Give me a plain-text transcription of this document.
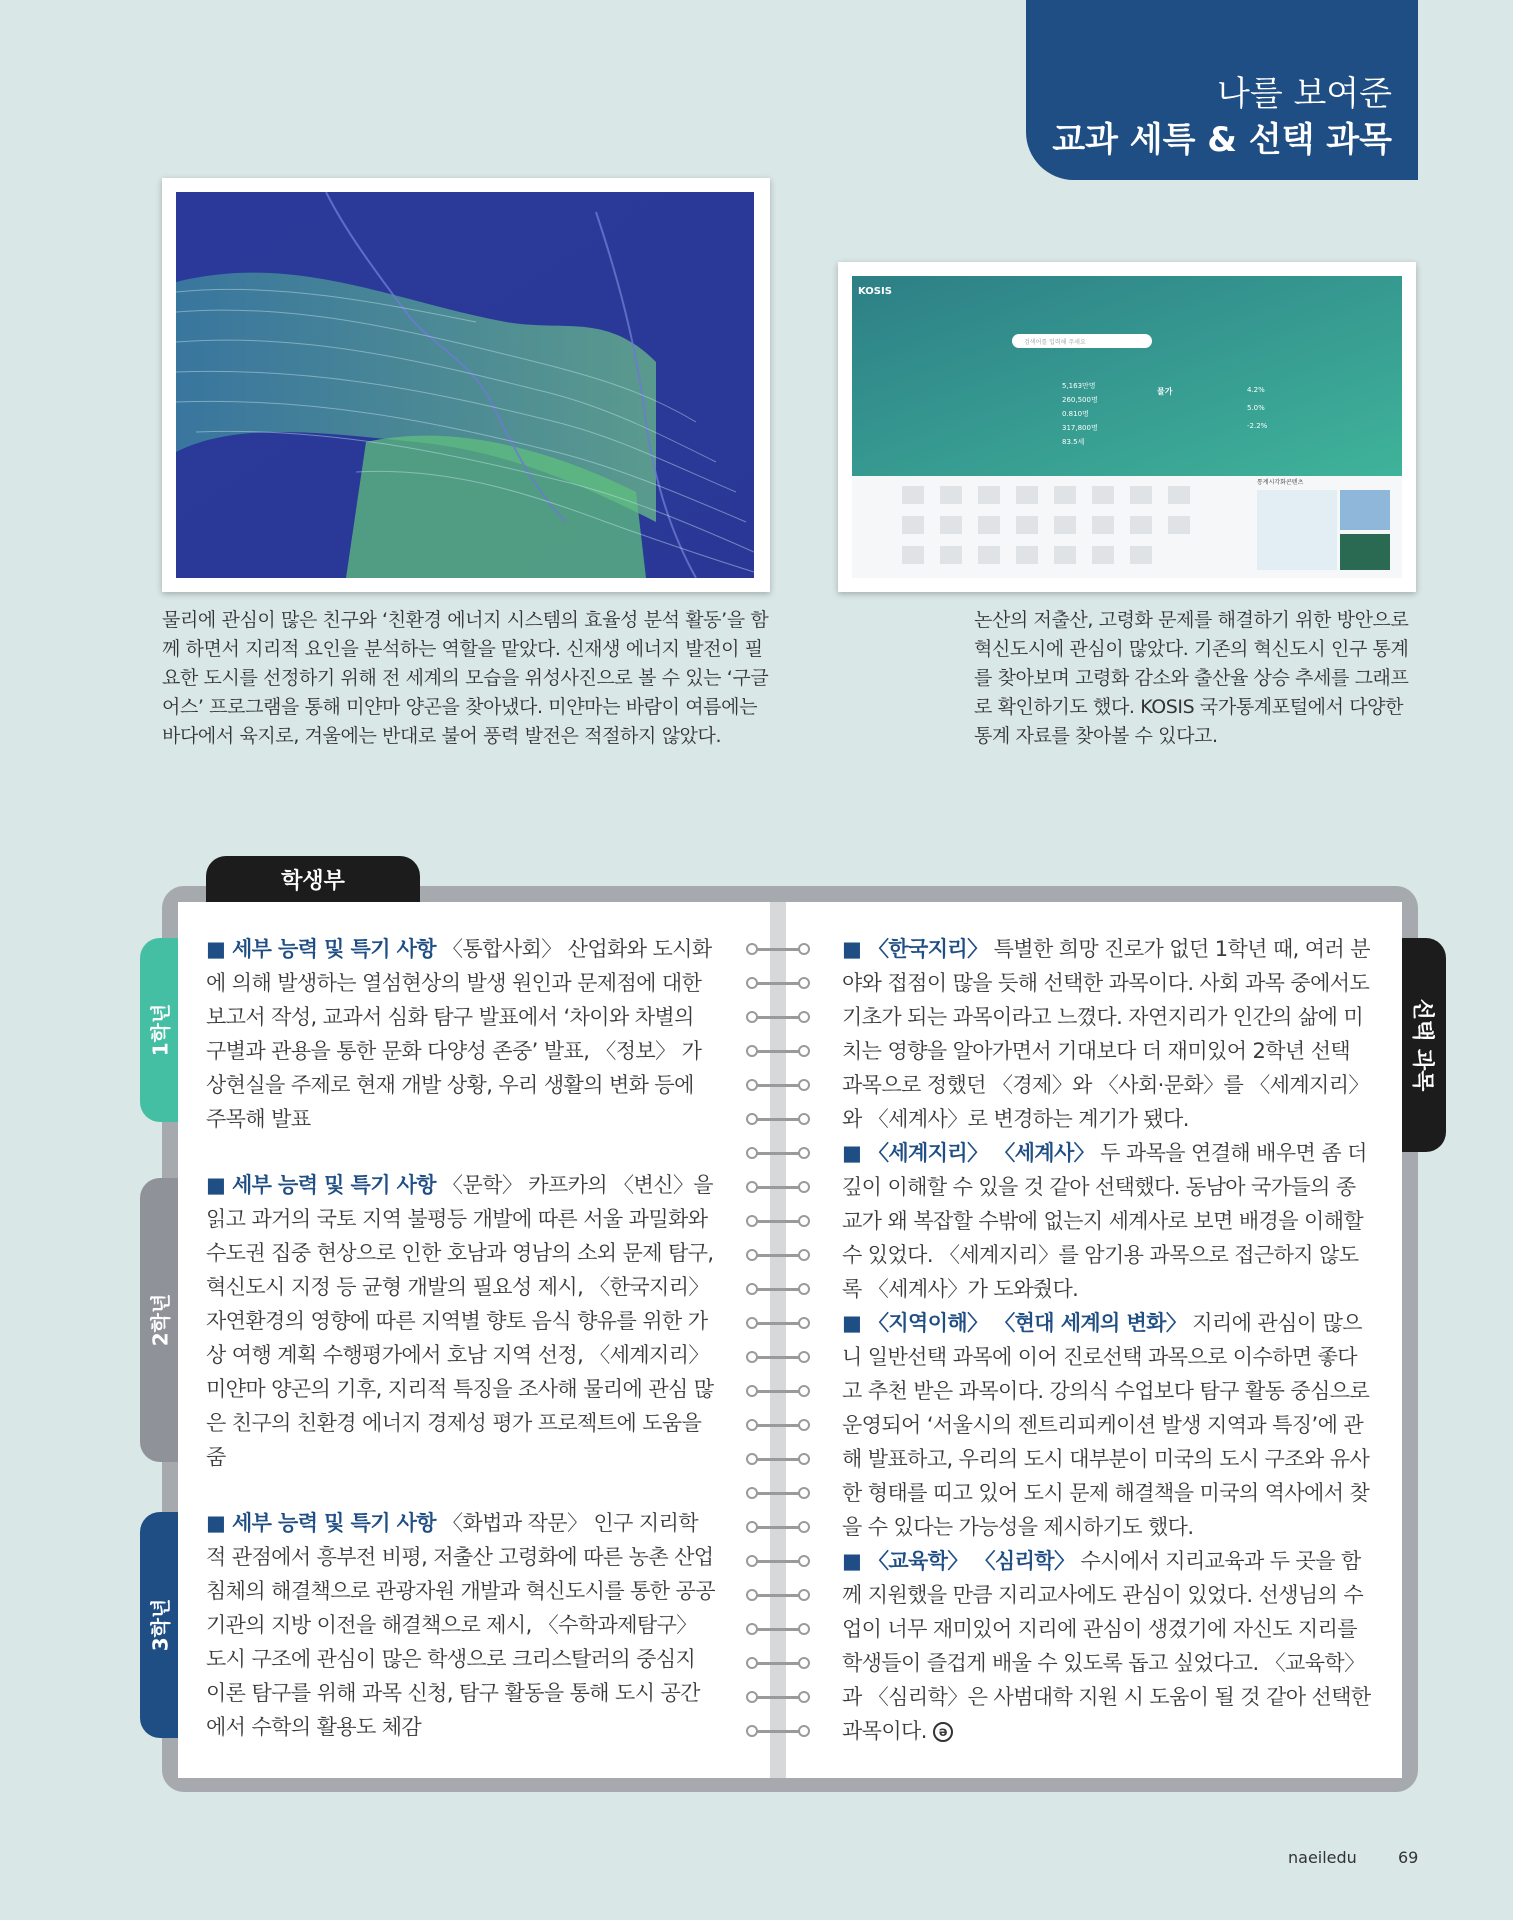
나를 보여준
교과 세특 & 선택 과목
KOSIS
검색어를 입력해 주세요
5,163만명
260,500명
0.810명
317,800명
83.5세
물가	4.2%
5.0%
-2.2%
통계시각화콘텐츠
물리에 관심이 많은 친구와 ‘친환경 에너지 시스템의 효율성 분석 활동’을 함께 하면서 지리적 요인을 분석하는 역할을 맡았다. 신재생 에너지 발전이 필요한 도시를 선정하기 위해 전 세계의 모습을 위성사진으로 볼 수 있는 ‘구글 어스’ 프로그램을 통해 미얀마 양곤을 찾아냈다. 미얀마는 바람이 여름에는 바다에서 육지로, 겨울에는 반대로 불어 풍력 발전은 적절하지 않았다.
논산의 저출산, 고령화 문제를 해결하기 위한 방안으로 혁신도시에 관심이 많았다. 기존의 혁신도시 인구 통계를 찾아보며 고령화 감소와 출산율 상승 추세를 그래프로 확인하기도 했다. KOSIS 국가통계포털에서 다양한 통계 자료를 찾아볼 수 있다고.
학생부
1학년
2학년
3학년
선택 과목
■ 세부 능력 및 특기 사항 〈통합사회〉 산업화와 도시화에 의해 발생하는 열섬현상의 발생 원인과 문제점에 대한 보고서 작성, 교과서 심화 탐구 발표에서 ‘차이와 차별의 구별과 관용을 통한 문화 다양성 존중’ 발표, 〈정보〉 가상현실을 주제로 현재 개발 상황, 우리 생활의 변화 등에 주목해 발표
■ 세부 능력 및 특기 사항 〈문학〉 카프카의 〈변신〉을 읽고 과거의 국토 지역 불평등 개발에 따른 서울 과밀화와 수도권 집중 현상으로 인한 호남과 영남의 소외 문제 탐구, 혁신도시 지정 등 균형 개발의 필요성 제시, 〈한국지리〉 자연환경의 영향에 따른 지역별 향토 음식 향유를 위한 가상 여행 계획 수행평가에서 호남 지역 선정, 〈세계지리〉 미얀마 양곤의 기후, 지리적 특징을 조사해 물리에 관심 많은 친구의 친환경 에너지 경제성 평가 프로젝트에 도움을 줌
■ 세부 능력 및 특기 사항 〈화법과 작문〉 인구 지리학적 관점에서 흥부전 비평, 저출산 고령화에 따른 농촌 산업 침체의 해결책으로 관광자원 개발과 혁신도시를 통한 공공기관의 지방 이전을 해결책으로 제시, 〈수학과제탐구〉 도시 구조에 관심이 많은 학생으로 크리스탈러의 중심지 이론 탐구를 위해 과목 신청, 탐구 활동을 통해 도시 공간에서 수학의 활용도 체감

■ 〈한국지리〉 특별한 희망 진로가 없던 1학년 때, 여러 분야와 접점이 많을 듯해 선택한 과목이다. 사회 과목 중에서도 기초가 되는 과목이라고 느꼈다. 자연지리가 인간의 삶에 미치는 영향을 알아가면서 기대보다 더 재미있어 2학년 선택 과목으로 정했던 〈경제〉와 〈사회·문화〉를 〈세계지리〉와 〈세계사〉로 변경하는 계기가 됐다.

■ 〈세계지리〉 〈세계사〉 두 과목을 연결해 배우면 좀 더 깊이 이해할 수 있을 것 같아 선택했다. 동남아 국가들의 종교가 왜 복잡할 수밖에 없는지 세계사로 보면 배경을 이해할 수 있었다. 〈세계지리〉를 암기용 과목으로 접근하지 않도록 〈세계사〉가 도와줬다.

■ 〈지역이해〉 〈현대 세계의 변화〉 지리에 관심이 많으니 일반선택 과목에 이어 진로선택 과목으로 이수하면 좋다고 추천 받은 과목이다. 강의식 수업보다 탐구 활동 중심으로 운영되어 ‘서울시의 젠트리피케이션 발생 지역과 특징’에 관해 발표하고, 우리의 도시 대부분이 미국의 도시 구조와 유사한 형태를 띠고 있어 도시 문제 해결책을 미국의 역사에서 찾을 수 있다는 가능성을 제시하기도 했다.

■ 〈교육학〉 〈심리학〉 수시에서 지리교육과 두 곳을 함께 지원했을 만큼 지리교사에도 관심이 있었다. 선생님의 수업이 너무 재미있어 지리에 관심이 생겼기에 자신도 지리를 학생들이 즐겁게 배울 수 있도록 돕고 싶었다고. 〈교육학〉과 〈심리학〉은 사범대학 지원 시 도움이 될 것 같아 선택한 과목이다. ǝ

naeiledu	69
